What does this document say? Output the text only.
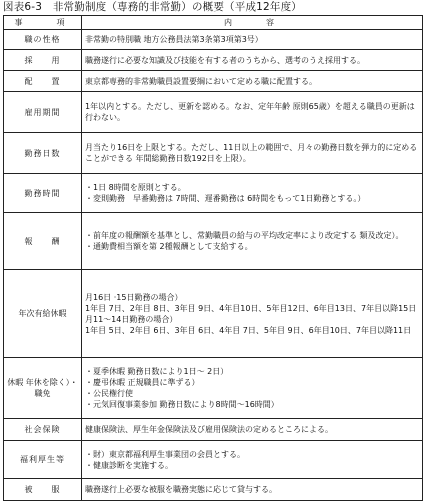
図表6-3　非常勤制度（専務的非常勤）の概要（平成12年度）
事　　項	内　　容
職の性格	非常勤の特別職 地方公務員法第3条第3項第3号）

採　　用	職務遂行に必要な知識及び技能を有する者のうちから、選考のうえ採用する。

配　　置	東京都専務的非常勤職員設置要綱において定める職に配置する。

雇用期間	1年以内とする。ただし、更新を認める。なお、定年年齢 原則65歳）を超える職員の更新は行わない。

勤務日数	月当たり16日を上限とする。ただし、11日以上の範囲で、月々の勤務日数を弾力的に定めることができる 年間総勤務日数192日を上限）。

勤務時間	・1日 8時間を原則とする。
・変則勤務　早番勤務は 7時間、遅番勤務は 6時間をもって1日勤務とする。）

報　　酬	・前年度の報酬額を基準とし、常勤職員の給与の平均改定率により改定する 類及改定）。
・通勤費相当額を第 2種報酬として支給する。

年次有給休暇	月16日 ·15日勤務の場合）
1年目 7日、2年目 8日、3年目 9日、4年目10日、5年目12日、6年目13日、7年目以降15日
月11～14日勤務の場合）
1年目 5日、2年目 6日、3年目 6日、4年目 7日、5年目 9日、6年目10日、7年目以降11日

休暇 年休を除く）・職免	・夏季休暇 勤務日数により1日～ 2日）
・慶弔休暇 正規職員に準ずる）
・公民権行使
・元気回復事業参加 勤務日数により8時間～16時間）

社会保険	健康保険法、厚生年金保険法及び雇用保険法の定めるところによる。

福利厚生等	・財）東京都福利厚生事業団の会員とする。
・健康診断を実施する。

被　　服	職務遂行上必要な被服を職務実態に応じて貸与する。
